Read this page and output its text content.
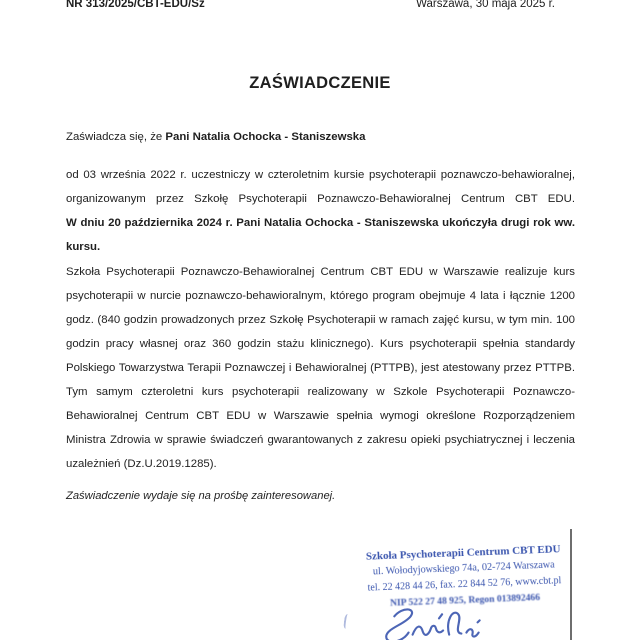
NR 313/2025/CBT-EDU/Sz	Warszawa, 30 maja 2025 r.
ZAŚWIADCZENIE

Zaświadcza się, że Pani Natalia Ochocka - Staniszewska

od 03 września 2022 r. uczestniczy w czteroletnim kursie psychoterapii poznawczo-behawioralnej, organizowanym przez Szkołę Psychoterapii Poznawczo-Behawioralnej Centrum CBT EDU.

W dniu 20 października 2024 r. Pani Natalia Ochocka - Staniszewska ukończyła drugi rok ww. kursu.

Szkoła Psychoterapii Poznawczo-Behawioralnej Centrum CBT EDU w Warszawie realizuje kurs psychoterapii w nurcie poznawczo-behawioralnym, którego program obejmuje 4 lata i łącznie 1200 godz. (840 godzin prowadzonych przez Szkołę Psychoterapii w ramach zajęć kursu, w tym min. 100 godzin pracy własnej oraz 360 godzin stażu klinicznego). Kurs psychoterapii spełnia standardy Polskiego Towarzystwa Terapii Poznawczej i Behawioralnej (PTTPB), jest atestowany przez PTTPB. Tym samym czteroletni kurs psychoterapii realizowany w Szkole Psychoterapii Poznawczo-Behawioralnej Centrum CBT EDU w Warszawie spełnia wymogi określone Rozporządzeniem Ministra Zdrowia w sprawie świadczeń gwarantowanych z zakresu opieki psychiatrycznej i leczenia uzależnień (Dz.U.2019.1285).

Zaświadczenie wydaje się na prośbę zainteresowanej.

Szkoła Psychoterapii Centrum CBT EDU
ul. Wołodyjowskiego 74a, 02-724 Warszawa
tel. 22 428 44 26, fax. 22 844 52 76, www.cbt.pl
NIP 522 27 48 925, Regon 013892466
